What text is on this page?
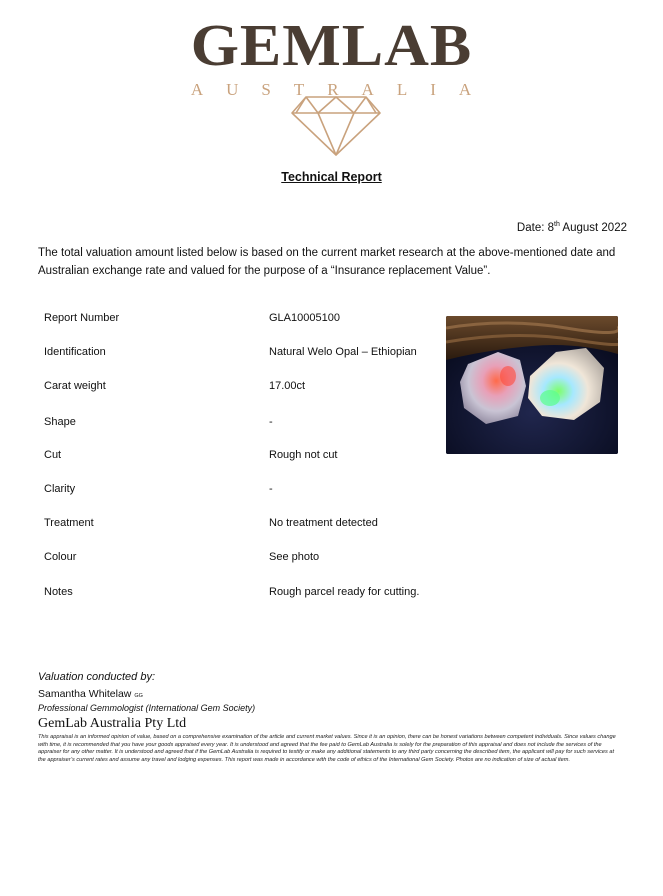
GEMLAB
AUSTRALIA
Technical Report
Date: 8th August 2022

The total valuation amount listed below is based on the current market research at the above-mentioned date and Australian exchange rate and valued for the purpose of a “Insurance replacement Value”.

Report Number	GLA10005100
Identification	Natural Welo Opal – Ethiopian
Carat weight	17.00ct
Shape	-
Cut	Rough not cut
Clarity	-
Treatment	No treatment detected
Colour	See photo
Notes	Rough parcel ready for cutting.
Valuation conducted by:
Samantha Whitelaw GG
Professional Gemmologist (International Gem Society)
GemLab Australia Pty Ltd

This appraisal is an informed opinion of value, based on a comprehensive examination of the article and current market values. Since it is an opinion, there can be honest variations between competent individuals. Since values change with time, it is recommended that you have your goods appraised every year. It is understood and agreed that the fee paid to GemLab Australia is solely for the preparation of this appraisal and does not include the services of the appraiser for any other matter. It is understood and agreed that if the GemLab Australia is required to testify or make any additional statements to any third party concerning the described item, the applicant will pay for such services at the appraiser’s current rates and assume any travel and lodging expenses. This report was made in accordance with the code of ethics of the International Gem Society. Photos are no indication of size of actual item.
